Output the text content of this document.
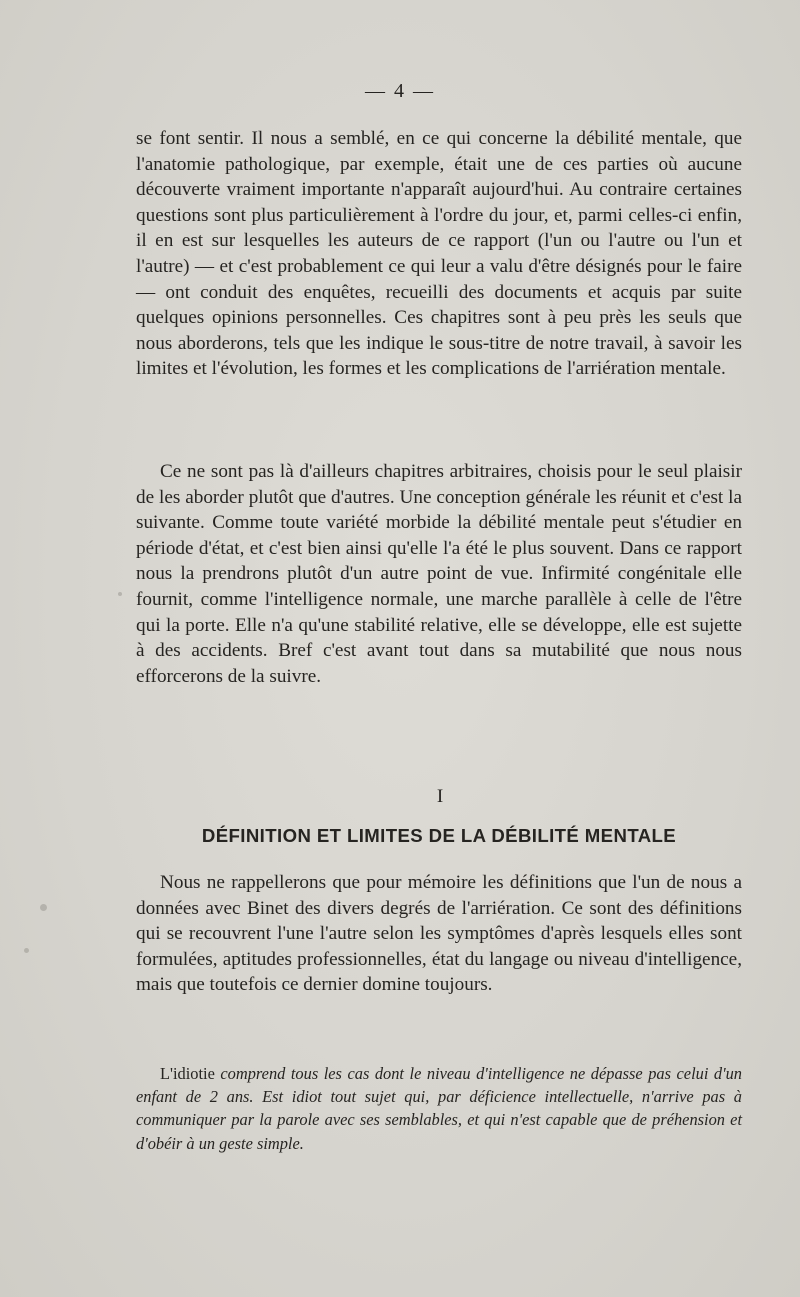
— 4 —

se font sentir. Il nous a semblé, en ce qui concerne la débilité mentale, que l'anatomie pathologique, par exemple, était une de ces parties où aucune découverte vraiment importante n'apparaît aujourd'hui. Au contraire certaines questions sont plus particulièrement à l'ordre du jour, et, parmi celles-ci enfin, il en est sur lesquelles les auteurs de ce rapport (l'un ou l'autre ou l'un et l'autre) — et c'est probablement ce qui leur a valu d'être désignés pour le faire — ont conduit des enquêtes, recueilli des documents et acquis par suite quelques opinions personnelles. Ces chapitres sont à peu près les seuls que nous aborderons, tels que les indique le sous-titre de notre travail, à savoir les limites et l'évolution, les formes et les complications de l'arriération mentale.

Ce ne sont pas là d'ailleurs chapitres arbitraires, choisis pour le seul plaisir de les aborder plutôt que d'autres. Une conception générale les réunit et c'est la suivante. Comme toute variété morbide la débilité mentale peut s'étudier en période d'état, et c'est bien ainsi qu'elle l'a été le plus souvent. Dans ce rapport nous la prendrons plutôt d'un autre point de vue. Infirmité congénitale elle fournit, comme l'intelligence normale, une marche parallèle à celle de l'être qui la porte. Elle n'a qu'une stabilité relative, elle se développe, elle est sujette à des accidents. Bref c'est avant tout dans sa mutabilité que nous nous efforcerons de la suivre.

I
DÉFINITION ET LIMITES DE LA DÉBILITÉ MENTALE

Nous ne rappellerons que pour mémoire les définitions que l'un de nous a données avec Binet des divers degrés de l'arriération. Ce sont des définitions qui se recouvrent l'une l'autre selon les symptômes d'après lesquels elles sont formulées, aptitudes professionnelles, état du langage ou niveau d'intelligence, mais que toutefois ce dernier domine toujours.

L'idiotie comprend tous les cas dont le niveau d'intelligence ne dépasse pas celui d'un enfant de 2 ans. Est idiot tout sujet qui, par déficience intellectuelle, n'arrive pas à communiquer par la parole avec ses semblables, et qui n'est capable que de préhension et d'obéir à un geste simple.
